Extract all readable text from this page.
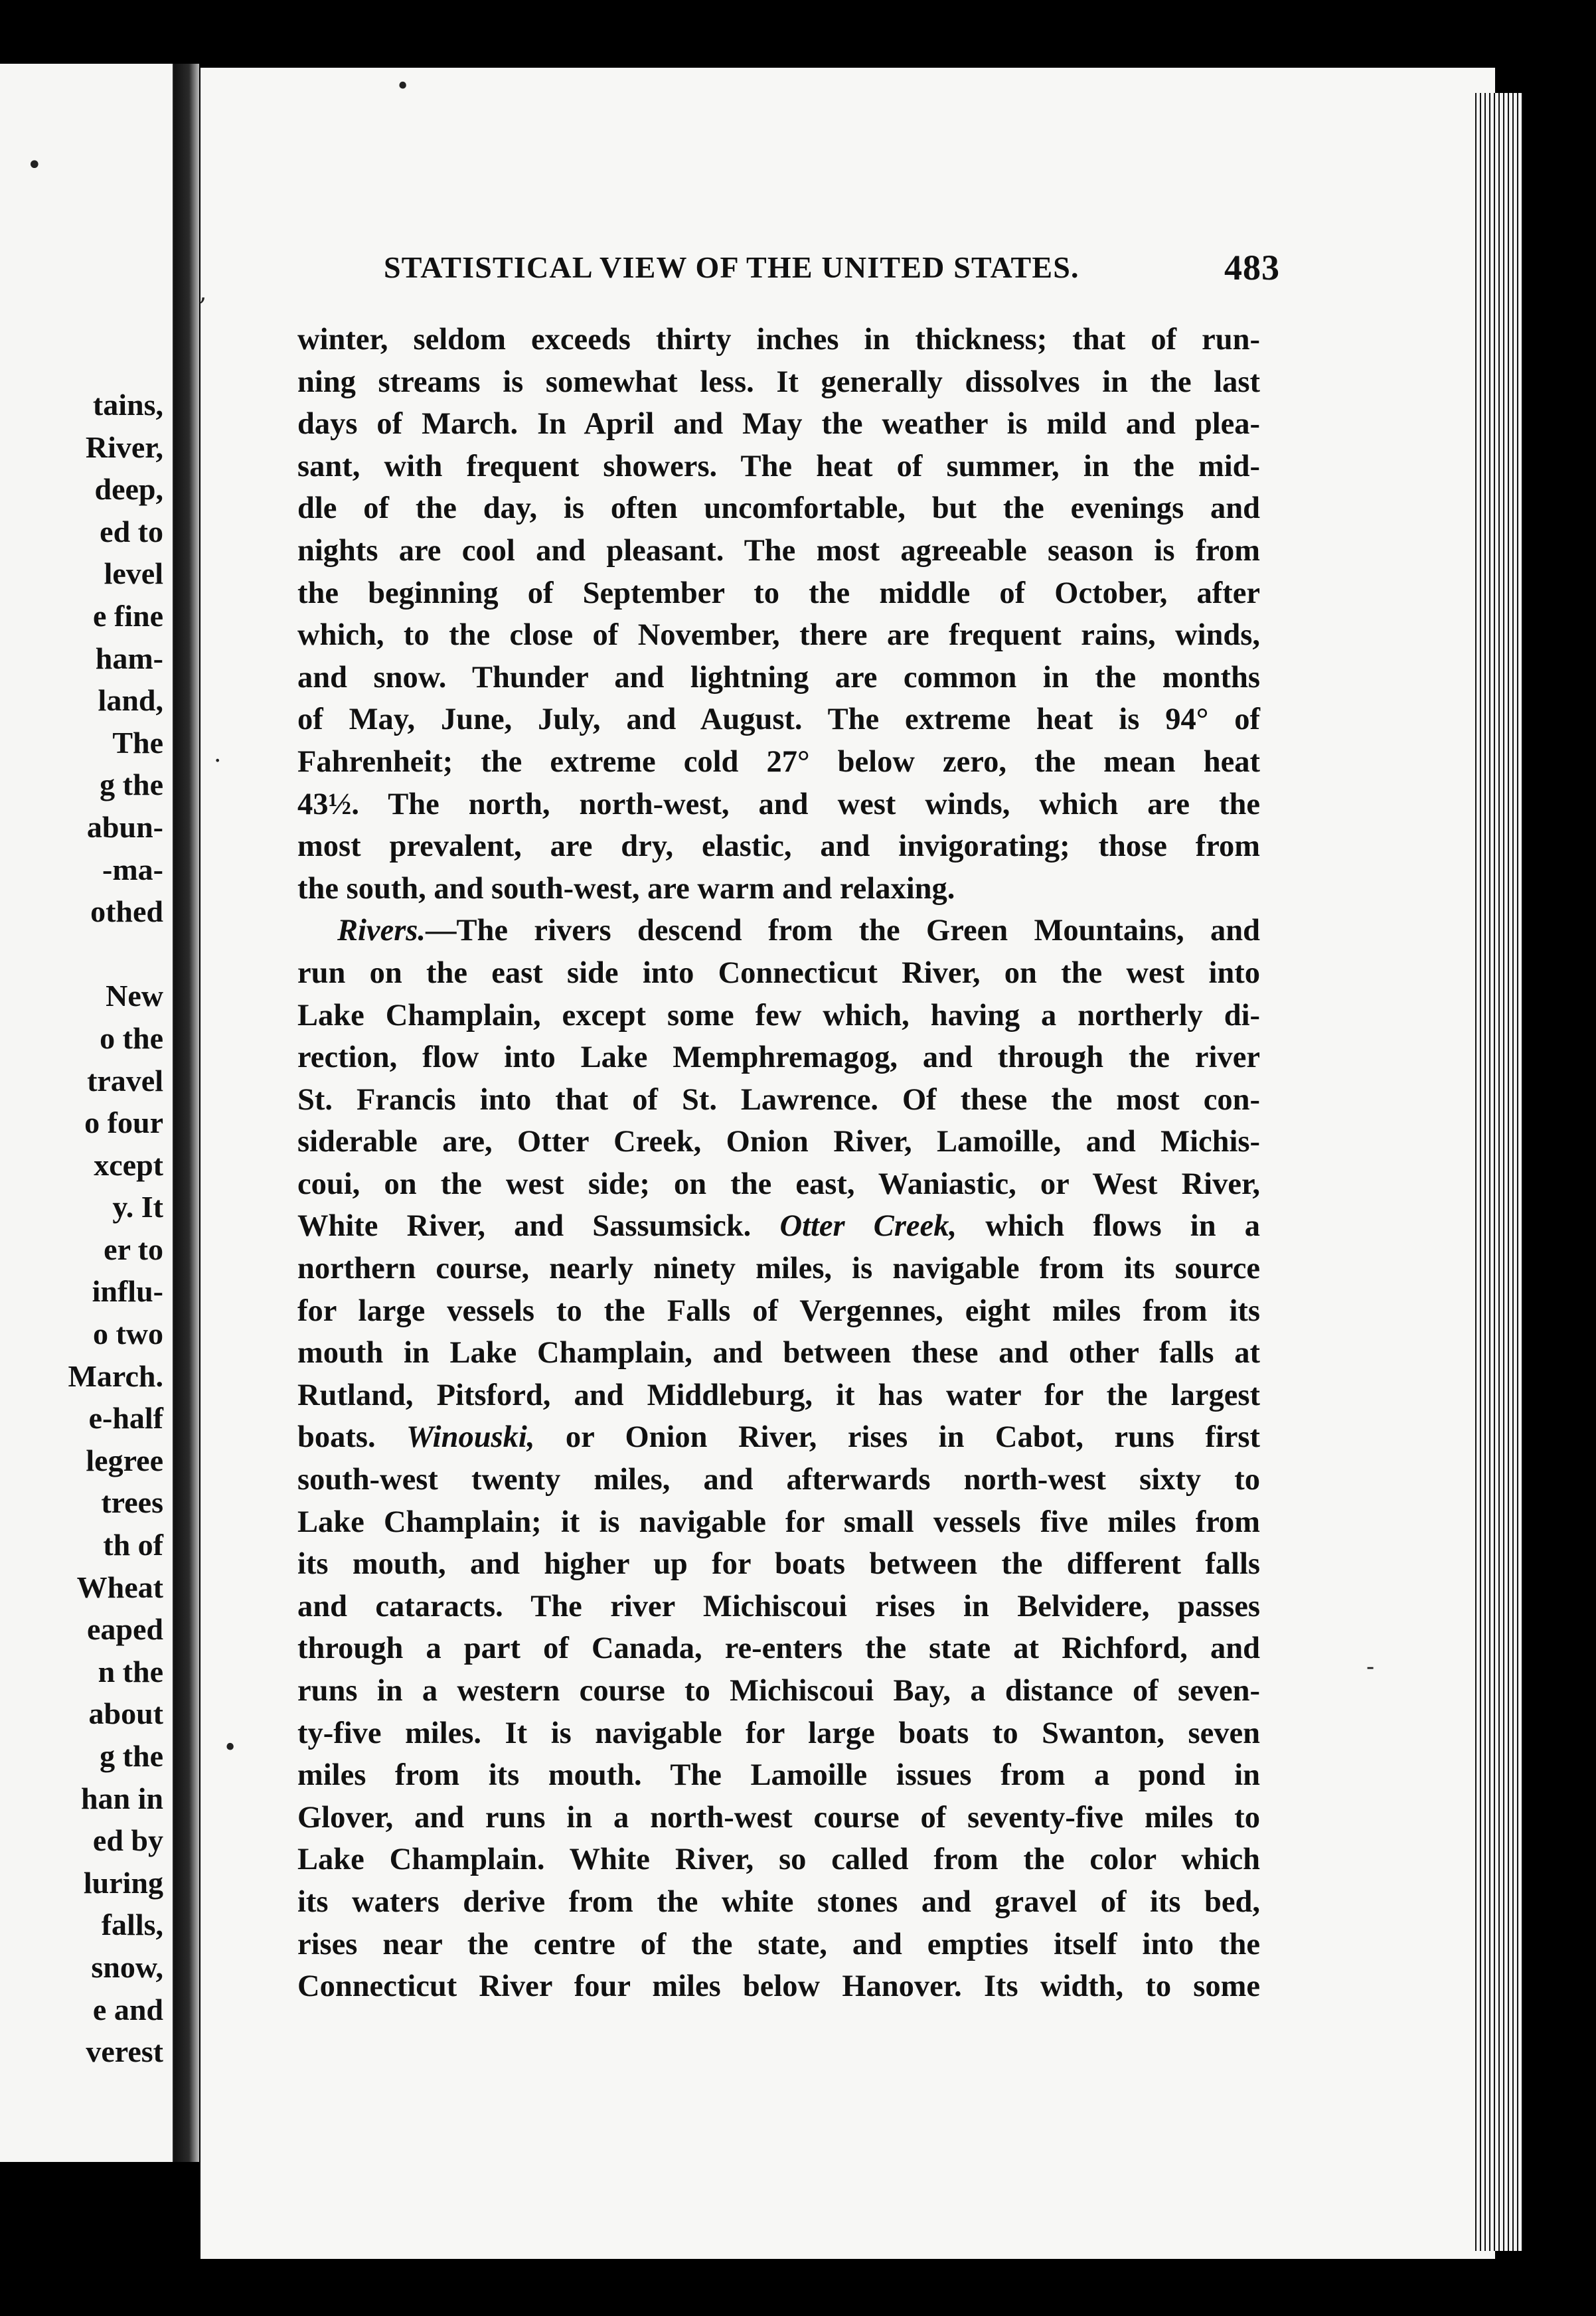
•
tains,
River,
deep,
ed to
level
e fine
ham-
land,
The
g the
abun-
-ma-
othed
New
o the
travel
o four
xcept
y. It
er to
influ-
o two
March.
e-half
legree
trees
th of
Wheat
eaped
n the
about
g the
han in
ed by
luring
falls,
snow,
e and
verest
STATISTICAL VIEW OF THE UNITED STATES.	483
•
,
·
•
-
winter, seldom exceeds thirty inches in thickness; that of run-
ning streams is somewhat less. It generally dissolves in the last
days of March. In April and May the weather is mild and plea-
sant, with frequent showers. The heat of summer, in the mid-
dle of the day, is often uncomfortable, but the evenings and
nights are cool and pleasant. The most agreeable season is from
the beginning of September to the middle of October, after
which, to the close of November, there are frequent rains, winds,
and snow. Thunder and lightning are common in the months
of May, June, July, and August. The extreme heat is 94° of
Fahrenheit; the extreme cold 27° below zero, the mean heat
43½. The north, north-west, and west winds, which are the
most prevalent, are dry, elastic, and invigorating; those from
the south, and south-west, are warm and relaxing.
Rivers.—The rivers descend from the Green Mountains, and
run on the east side into Connecticut River, on the west into
Lake Champlain, except some few which, having a northerly di-
rection, flow into Lake Memphremagog, and through the river
St. Francis into that of St. Lawrence. Of these the most con-
siderable are, Otter Creek, Onion River, Lamoille, and Michis-
coui, on the west side; on the east, Waniastic, or West River,
White River, and Sassumsick. Otter Creek, which flows in a
northern course, nearly ninety miles, is navigable from its source
for large vessels to the Falls of Vergennes, eight miles from its
mouth in Lake Champlain, and between these and other falls at
Rutland, Pitsford, and Middleburg, it has water for the largest
boats. Winouski, or Onion River, rises in Cabot, runs first
south-west twenty miles, and afterwards north-west sixty to
Lake Champlain; it is navigable for small vessels five miles from
its mouth, and higher up for boats between the different falls
and cataracts. The river Michiscoui rises in Belvidere, passes
through a part of Canada, re-enters the state at Richford, and
runs in a western course to Michiscoui Bay, a distance of seven-
ty-five miles. It is navigable for large boats to Swanton, seven
miles from its mouth. The Lamoille issues from a pond in
Glover, and runs in a north-west course of seventy-five miles to
Lake Champlain. White River, so called from the color which
its waters derive from the white stones and gravel of its bed,
rises near the centre of the state, and empties itself into the
Connecticut River four miles below Hanover. Its width, to some
